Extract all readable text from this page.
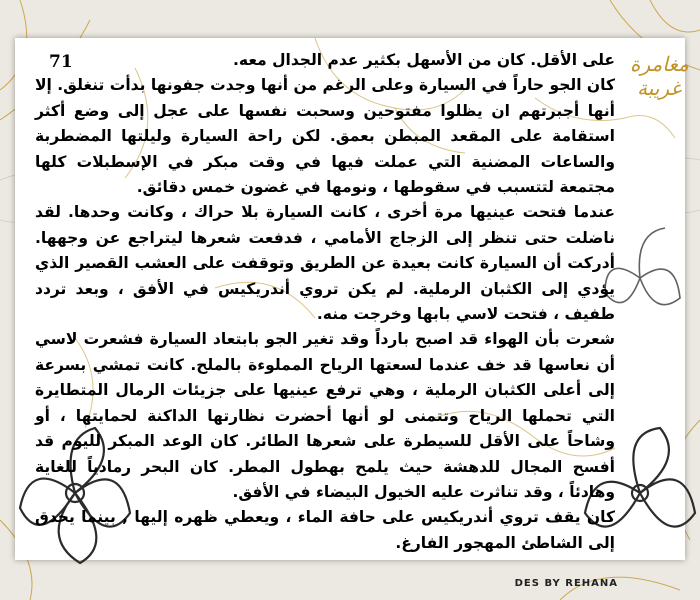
71	مغامرة
غريبة

على الأقل. كان من الأسهل بكثير عدم الجدال معه.

كان الجو حاراً في السيارة وعلى الرغم من أنها وجدت جفونها بدأت تنغلق. إلا أنها أجبرتهم ان يظلوا مفتوحين وسحبت نفسها على عجل إلى وضع أكثر استقامة على المقعد المبطن بعمق. لكن راحة السيارة وليلتها المضطربة والساعات المضنية التي عملت فيها في وقت مبكر في الإسطبلات كلها مجتمعة لتتسبب في سقوطها ، ونومها في غضون خمس دقائق.

عندما فتحت عينيها مرة أخرى ، كانت السيارة بلا حراك ، وكانت وحدها. لقد ناضلت حتى تنظر إلى الزجاج الأمامي ، فدفعت شعرها ليتراجع عن وجهها. أدركت أن السيارة كانت بعيدة عن الطريق وتوقفت على العشب القصير الذي يؤدي إلى الكثبان الرملية. لم يكن تروي أندريكيس في الأفق ، وبعد تردد طفيف ، فتحت لاسي بابها وخرجت منه.

شعرت بأن الهواء قد اصبح بارداً وقد تغير الجو بابتعاد السيارة فشعرت لاسي أن نعاسها قد خف عندما لسعتها الرياح المملوءة بالملح. كانت تمشي بسرعة إلى أعلى الكثبان الرملية ، وهي ترفع عينيها على جزيئات الرمال المتطايرة التي تحملها الرياح وتتمنى لو أنها أحضرت نظارتها الداكنة لحمايتها ، أو وشاحاً على الأقل للسيطرة على شعرها الطائر. كان الوعد المبكر لليوم قد أفسح المجال للدهشة حيث يلمح بهطول المطر. كان البحر رمادياً للغاية وهادئاً ، وقد تناثرت عليه الخيول البيضاء في الأفق.

كان يقف تروي أندريكيس على حافة الماء ، ويعطي ظهره إليها , بينما يحدق إلى الشاطئ المهجور الفارغ.

DES BY REHANA
